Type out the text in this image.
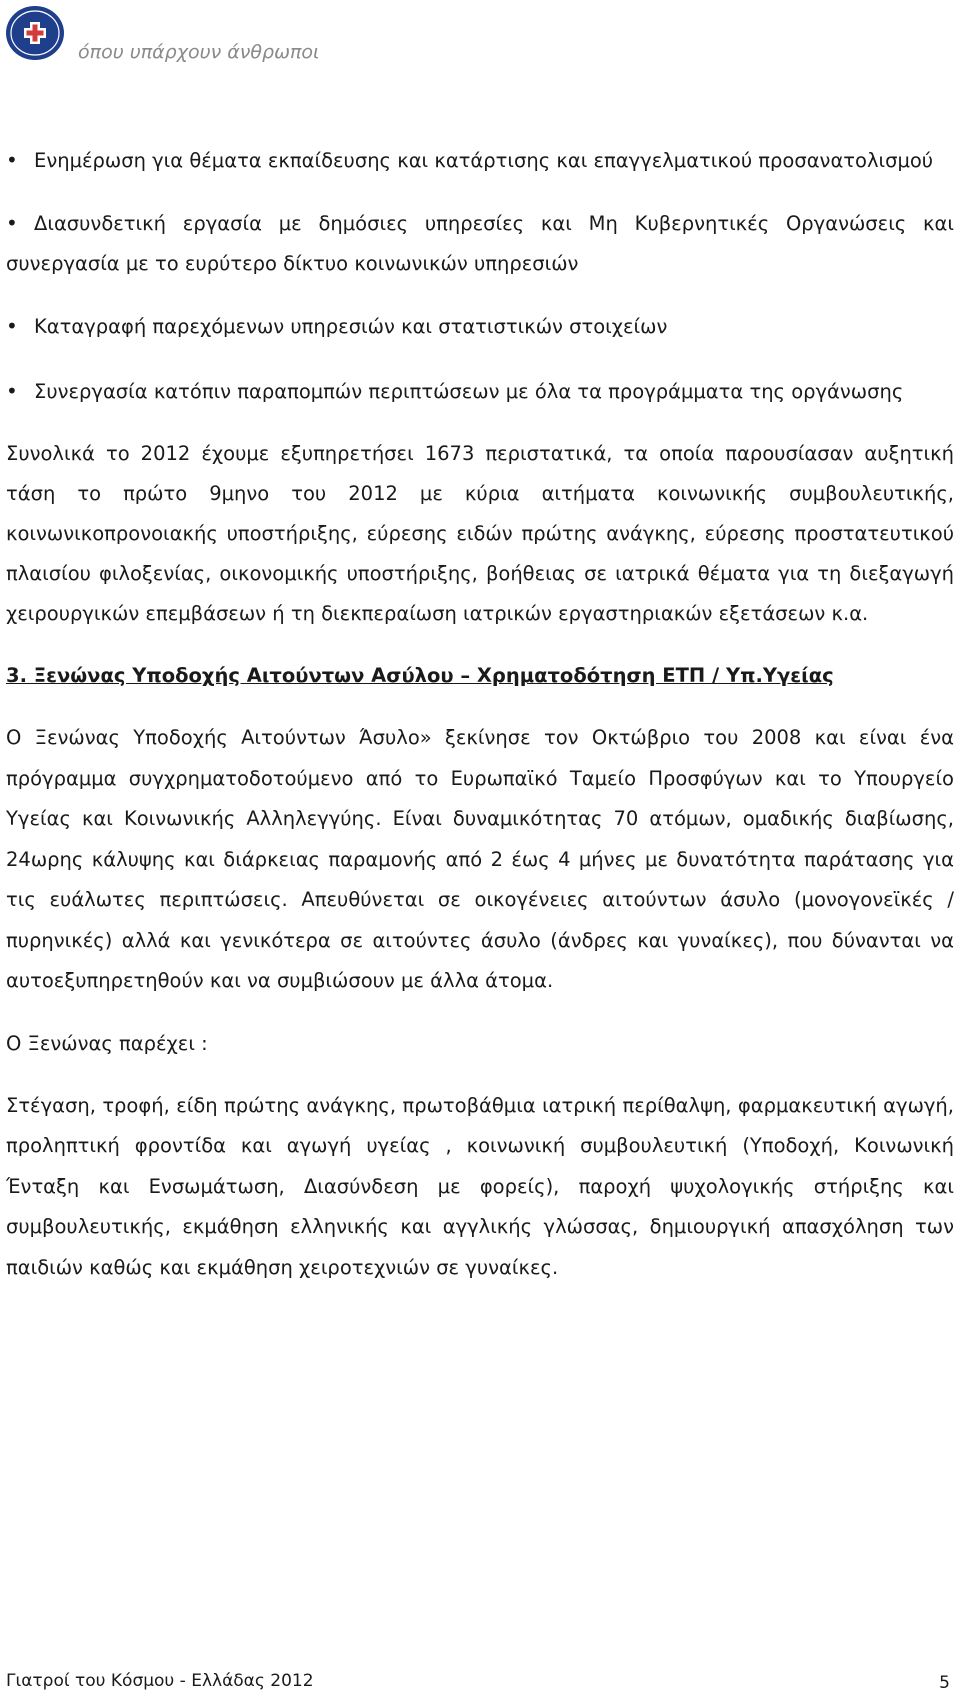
όπου υπάρχουν άνθρωποι

• Ενημέρωση για θέματα εκπαίδευσης και κατάρτισης και επαγγελματικού προσανατολισμού

• Διασυνδετική εργασία με δημόσιες υπηρεσίες και Μη Κυβερνητικές Οργανώσεις και συνεργασία με το ευρύτερο δίκτυο κοινωνικών υπηρεσιών

• Καταγραφή παρεχόμενων υπηρεσιών και στατιστικών στοιχείων

• Συνεργασία κατόπιν παραπομπών περιπτώσεων με όλα τα προγράμματα της οργάνωσης

Συνολικά το 2012 έχουμε εξυπηρετήσει 1673 περιστατικά, τα οποία παρουσίασαν αυξητική τάση το πρώτο 9μηνο του 2012 με κύρια αιτήματα κοινωνικής συμβουλευτικής, κοινωνικοπρονοιακής υποστήριξης, εύρεσης ειδών πρώτης ανάγκης, εύρεσης προστατευτικού πλαισίου φιλοξενίας, οικονομικής υποστήριξης, βοήθειας σε ιατρικά θέματα για τη διεξαγωγή χειρουργικών επεμβάσεων ή τη διεκπεραίωση ιατρικών εργαστηριακών εξετάσεων κ.α.

3. Ξενώνας Υποδοχής Αιτούντων Ασύλου – Χρηματοδότηση ΕΤΠ / Υπ.Υγείας

Ο Ξενώνας Υποδοχής Αιτούντων Άσυλο» ξεκίνησε τον Οκτώβριο του 2008 και είναι ένα πρόγραμμα συγχρηματοδοτούμενο από το Ευρωπαϊκό Ταμείο Προσφύγων και το Υπουργείο Υγείας και Κοινωνικής Αλληλεγγύης. Είναι δυναμικότητας 70 ατόμων, ομαδικής διαβίωσης, 24ωρης κάλυψης και διάρκειας παραμονής από 2 έως 4 μήνες με δυνατότητα παράτασης για τις ευάλωτες περιπτώσεις. Απευθύνεται σε οικογένειες αιτούντων άσυλο (μονογονεϊκές / πυρηνικές) αλλά και γενικότερα σε αιτούντες άσυλο (άνδρες και γυναίκες), που δύνανται να αυτοεξυπηρετηθούν και να συμβιώσουν με άλλα άτομα.

Ο Ξενώνας παρέχει :

Στέγαση, τροφή, είδη πρώτης ανάγκης, πρωτοβάθμια ιατρική περίθαλψη, φαρμακευτική αγωγή, προληπτική φροντίδα και αγωγή υγείας , κοινωνική συμβουλευτική (Υποδοχή, Κοινωνική Ένταξη και Ενσωμάτωση, Διασύνδεση με φορείς), παροχή ψυχολογικής στήριξης και συμβουλευτικής, εκμάθηση ελληνικής και αγγλικής γλώσσας, δημιουργική απασχόληση των παιδιών καθώς και εκμάθηση χειροτεχνιών σε γυναίκες.

Γιατροί του Κόσμου - Ελλάδας 2012	5
